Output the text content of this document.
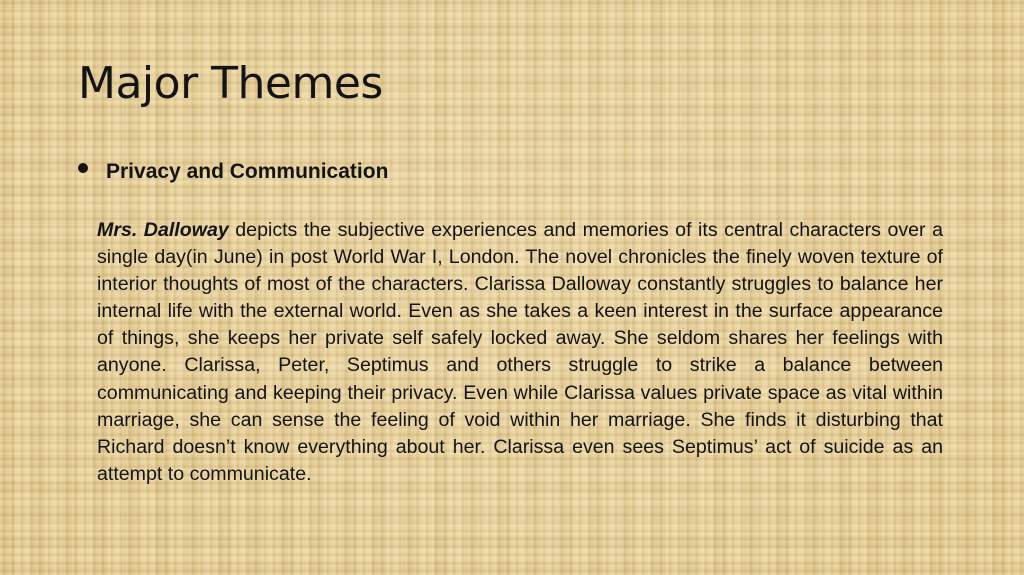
Major Themes
Privacy and Communication

Mrs. Dalloway depicts the subjective experiences and memories of its central characters over a single day(in June) in post World War I, London. The novel chronicles the finely woven texture of interior thoughts of most of the characters. Clarissa Dalloway constantly struggles to balance her internal life with the external world. Even as she takes a keen interest in the surface appearance of things, she keeps her private self safely locked away. She seldom shares her feelings with anyone. Clarissa, Peter, Septimus and others struggle to strike a balance between communicating and keeping their privacy. Even while Clarissa values private space as vital within marriage, she can sense the feeling of void within her marriage. She finds it disturbing that Richard doesn’t know everything about her. Clarissa even sees Septimus’ act of suicide as an attempt to communicate.
